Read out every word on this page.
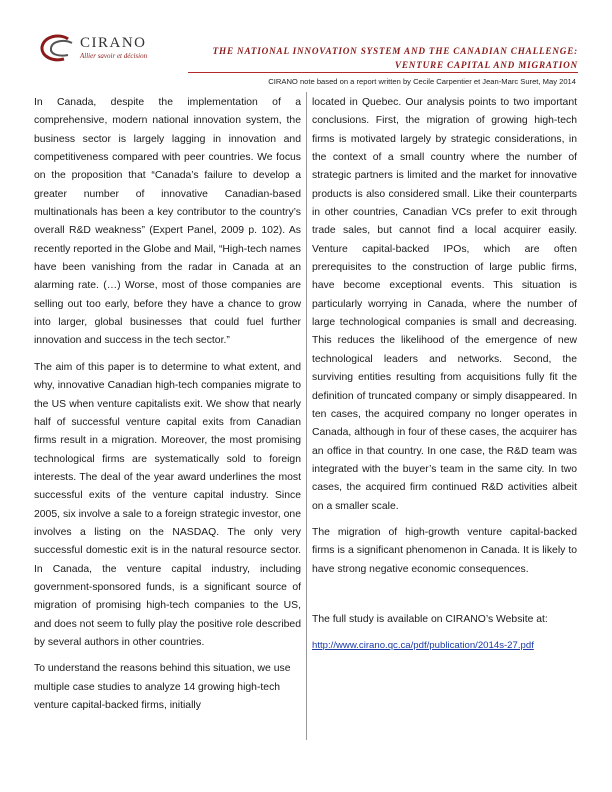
CIRANO
Allier savoir et décision	THE NATIONAL INNOVATION SYSTEM AND THE CANADIAN CHALLENGE:
VENTURE CAPITAL AND MIGRATION
CIRANO note based on a report written by Cecile Carpentier et Jean-Marc Suret, May 2014

In Canada, despite the implementation of a comprehensive, modern national innovation system, the business sector is largely lagging in innovation and competitiveness compared with peer countries. We focus on the proposition that “Canada’s failure to develop a greater number of innovative Canadian-based multinationals has been a key contributor to the country’s overall R&D weakness” (Expert Panel, 2009 p. 102). As recently reported in the Globe and Mail, “High-tech names have been vanishing from the radar in Canada at an alarming rate. (…) Worse, most of those companies are selling out too early, before they have a chance to grow into larger, global businesses that could fuel further innovation and success in the tech sector.”

The aim of this paper is to determine to what extent, and why, innovative Canadian high-tech companies migrate to the US when venture capitalists exit. We show that nearly half of successful venture capital exits from Canadian firms result in a migration. Moreover, the most promising technological firms are systematically sold to foreign interests. The deal of the year award underlines the most successful exits of the venture capital industry. Since 2005, six involve a sale to a foreign strategic investor, one involves a listing on the NASDAQ. The only very successful domestic exit is in the natural resource sector. In Canada, the venture capital industry, including government-sponsored funds, is a significant source of migration of promising high-tech companies to the US, and does not seem to fully play the positive role described by several authors in other countries.

To understand the reasons behind this situation, we use multiple case studies to analyze 14 growing high-tech venture capital-backed firms, initially

located in Quebec. Our analysis points to two important conclusions. First, the migration of growing high-tech firms is motivated largely by strategic considerations, in the context of a small country where the number of strategic partners is limited and the market for innovative products is also considered small. Like their counterparts in other countries, Canadian VCs prefer to exit through trade sales, but cannot find a local acquirer easily. Venture capital-backed IPOs, which are often prerequisites to the construction of large public firms, have become exceptional events. This situation is particularly worrying in Canada, where the number of large technological companies is small and decreasing. This reduces the likelihood of the emergence of new technological leaders and networks. Second, the surviving entities resulting from acquisitions fully fit the definition of truncated company or simply disappeared. In ten cases, the acquired company no longer operates in Canada, although in four of these cases, the acquirer has an office in that country. In one case, the R&D team was integrated with the buyer’s team in the same city. In two cases, the acquired firm continued R&D activities albeit on a smaller scale.

The migration of high-growth venture capital-backed firms is a significant phenomenon in Canada. It is likely to have strong negative economic consequences.

The full study is available on CIRANO’s Website at:

http://www.cirano.qc.ca/pdf/publication/2014s-27.pdf
